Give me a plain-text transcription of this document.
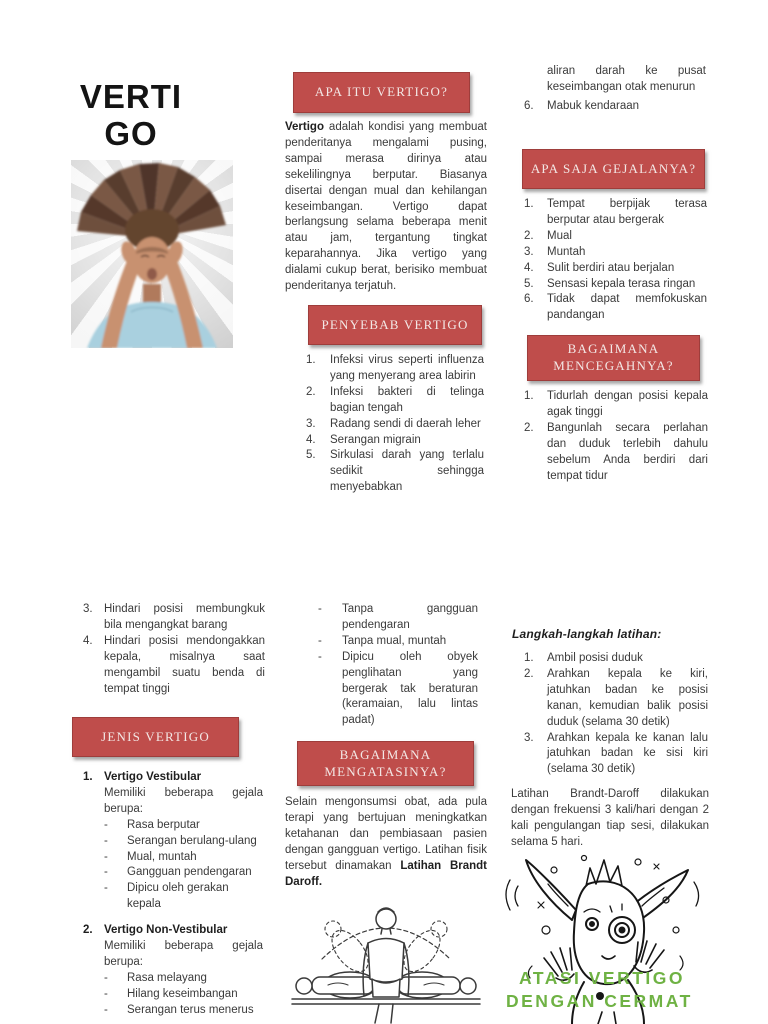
VERTI GO
3. Hindari posisi membungkuk bila mengangkat barang
4. Hindari posisi mendongakkan kepala, misalnya saat mengambil suatu benda di tempat tinggi
JENIS VERTIGO
1. Vertigo Vestibular
Memiliki beberapa gejala berupa:
-	Rasa berputar
-	Serangan berulang-ulang
-	Mual, muntah
-	Gangguan pendengaran
-	Dipicu oleh gerakan kepala
2. Vertigo Non-Vestibular
Memiliki beberapa gejala berupa:
-	Rasa melayang
-	Hilang keseimbangan
-	Serangan terus menerus
APA ITU VERTIGO?
Vertigo adalah kondisi yang membuat penderitanya mengalami pusing, sampai merasa dirinya atau sekelilingnya berputar. Biasanya disertai dengan mual dan kehilangan keseimbangan. Vertigo dapat berlangsung selama beberapa menit atau jam, tergantung tingkat keparahannya. Jika vertigo yang dialami cukup berat, berisiko membuat penderitanya terjatuh.
PENYEBAB VERTIGO
1.	Infeksi virus seperti influenza yang menyerang area labirin
2.	Infeksi bakteri di telinga bagian tengah
3.	Radang sendi di daerah leher
4.	Serangan migrain
5.	Sirkulasi darah yang terlalu sedikit sehingga menyebabkan
-	Tanpa gangguan pendengaran
-	Tanpa mual, muntah
-	Dipicu oleh obyek penglihatan yang bergerak tak beraturan (keramaian, lalu lintas padat)
BAGAIMANA MENGATASINYA?
Selain mengonsumsi obat, ada pula terapi yang bertujuan meningkatkan ketahanan dan pembiasaan pasien dengan gangguan vertigo. Latihan fisik tersebut dinamakan Latihan Brandt Daroff.
aliran darah ke pusat keseimbangan otak menurun
6.	Mabuk kendaraan
APA SAJA GEJALANYA?
1.	Tempat berpijak terasa berputar atau bergerak
2.	Mual
3.	Muntah
4.	Sulit berdiri atau berjalan
5.	Sensasi kepala terasa ringan
6.	Tidak dapat memfokuskan pandangan
BAGAIMANA MENCEGAHNYA?
1.	Tidurlah dengan posisi kepala agak tinggi
2.	Bangunlah secara perlahan dan duduk terlebih dahulu sebelum Anda berdiri dari tempat tidur
Langkah-langkah latihan:
1.	Ambil posisi duduk
2.	Arahkan kepala ke kiri, jatuhkan badan ke posisi kanan, kemudian balik posisi duduk (selama 30 detik)
3.	Arahkan kepala ke kanan lalu jatuhkan badan ke sisi kiri (selama 30 detik)
Latihan Brandt-Daroff dilakukan dengan frekuensi 3 kali/hari dengan 2 kali pengulangan tiap sesi, dilakukan selama 5 hari.
ATASI VERTIGO
DENGAN CERMAT
